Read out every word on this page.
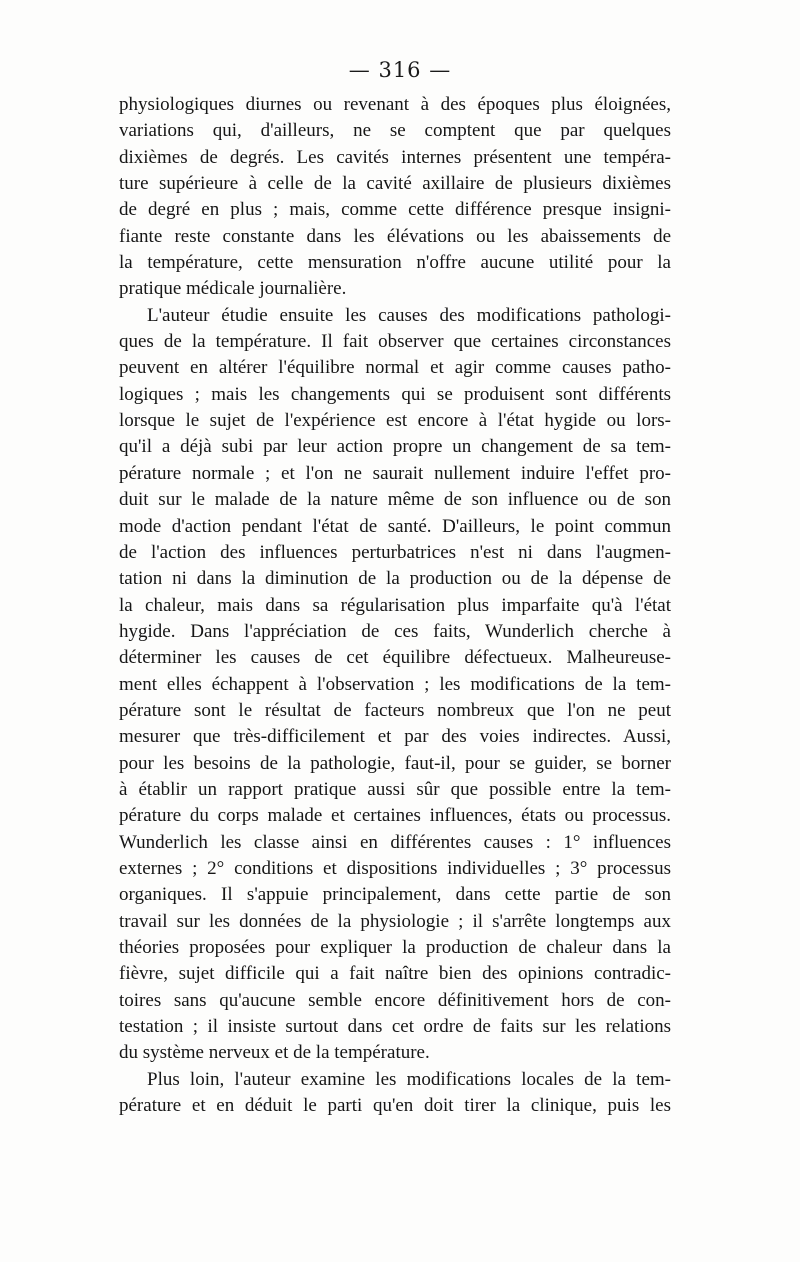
— 316 —
physiologiques diurnes ou revenant à des époques plus éloignées,
variations qui, d'ailleurs, ne se comptent que par quelques
dixièmes de degrés. Les cavités internes présentent une tempéra-
ture supérieure à celle de la cavité axillaire de plusieurs dixièmes
de degré en plus ; mais, comme cette différence presque insigni-
fiante reste constante dans les élévations ou les abaissements de
la température, cette mensuration n'offre aucune utilité pour la
pratique médicale journalière.
L'auteur étudie ensuite les causes des modifications pathologi-
ques de la température. Il fait observer que certaines circonstances
peuvent en altérer l'équilibre normal et agir comme causes patho-
logiques ; mais les changements qui se produisent sont différents
lorsque le sujet de l'expérience est encore à l'état hygide ou lors-
qu'il a déjà subi par leur action propre un changement de sa tem-
pérature normale ; et l'on ne saurait nullement induire l'effet pro-
duit sur le malade de la nature même de son influence ou de son
mode d'action pendant l'état de santé. D'ailleurs, le point commun
de l'action des influences perturbatrices n'est ni dans l'augmen-
tation ni dans la diminution de la production ou de la dépense de
la chaleur, mais dans sa régularisation plus imparfaite qu'à l'état
hygide. Dans l'appréciation de ces faits, Wunderlich cherche à
déterminer les causes de cet équilibre défectueux. Malheureuse-
ment elles échappent à l'observation ; les modifications de la tem-
pérature sont le résultat de facteurs nombreux que l'on ne peut
mesurer que très-difficilement et par des voies indirectes. Aussi,
pour les besoins de la pathologie, faut-il, pour se guider, se borner
à établir un rapport pratique aussi sûr que possible entre la tem-
pérature du corps malade et certaines influences, états ou processus.
Wunderlich les classe ainsi en différentes causes : 1° influences
externes ; 2° conditions et dispositions individuelles ; 3° processus
organiques. Il s'appuie principalement, dans cette partie de son
travail sur les données de la physiologie ; il s'arrête longtemps aux
théories proposées pour expliquer la production de chaleur dans la
fièvre, sujet difficile qui a fait naître bien des opinions contradic-
toires sans qu'aucune semble encore définitivement hors de con-
testation ; il insiste surtout dans cet ordre de faits sur les relations
du système nerveux et de la température.
Plus loin, l'auteur examine les modifications locales de la tem-
pérature et en déduit le parti qu'en doit tirer la clinique, puis les
